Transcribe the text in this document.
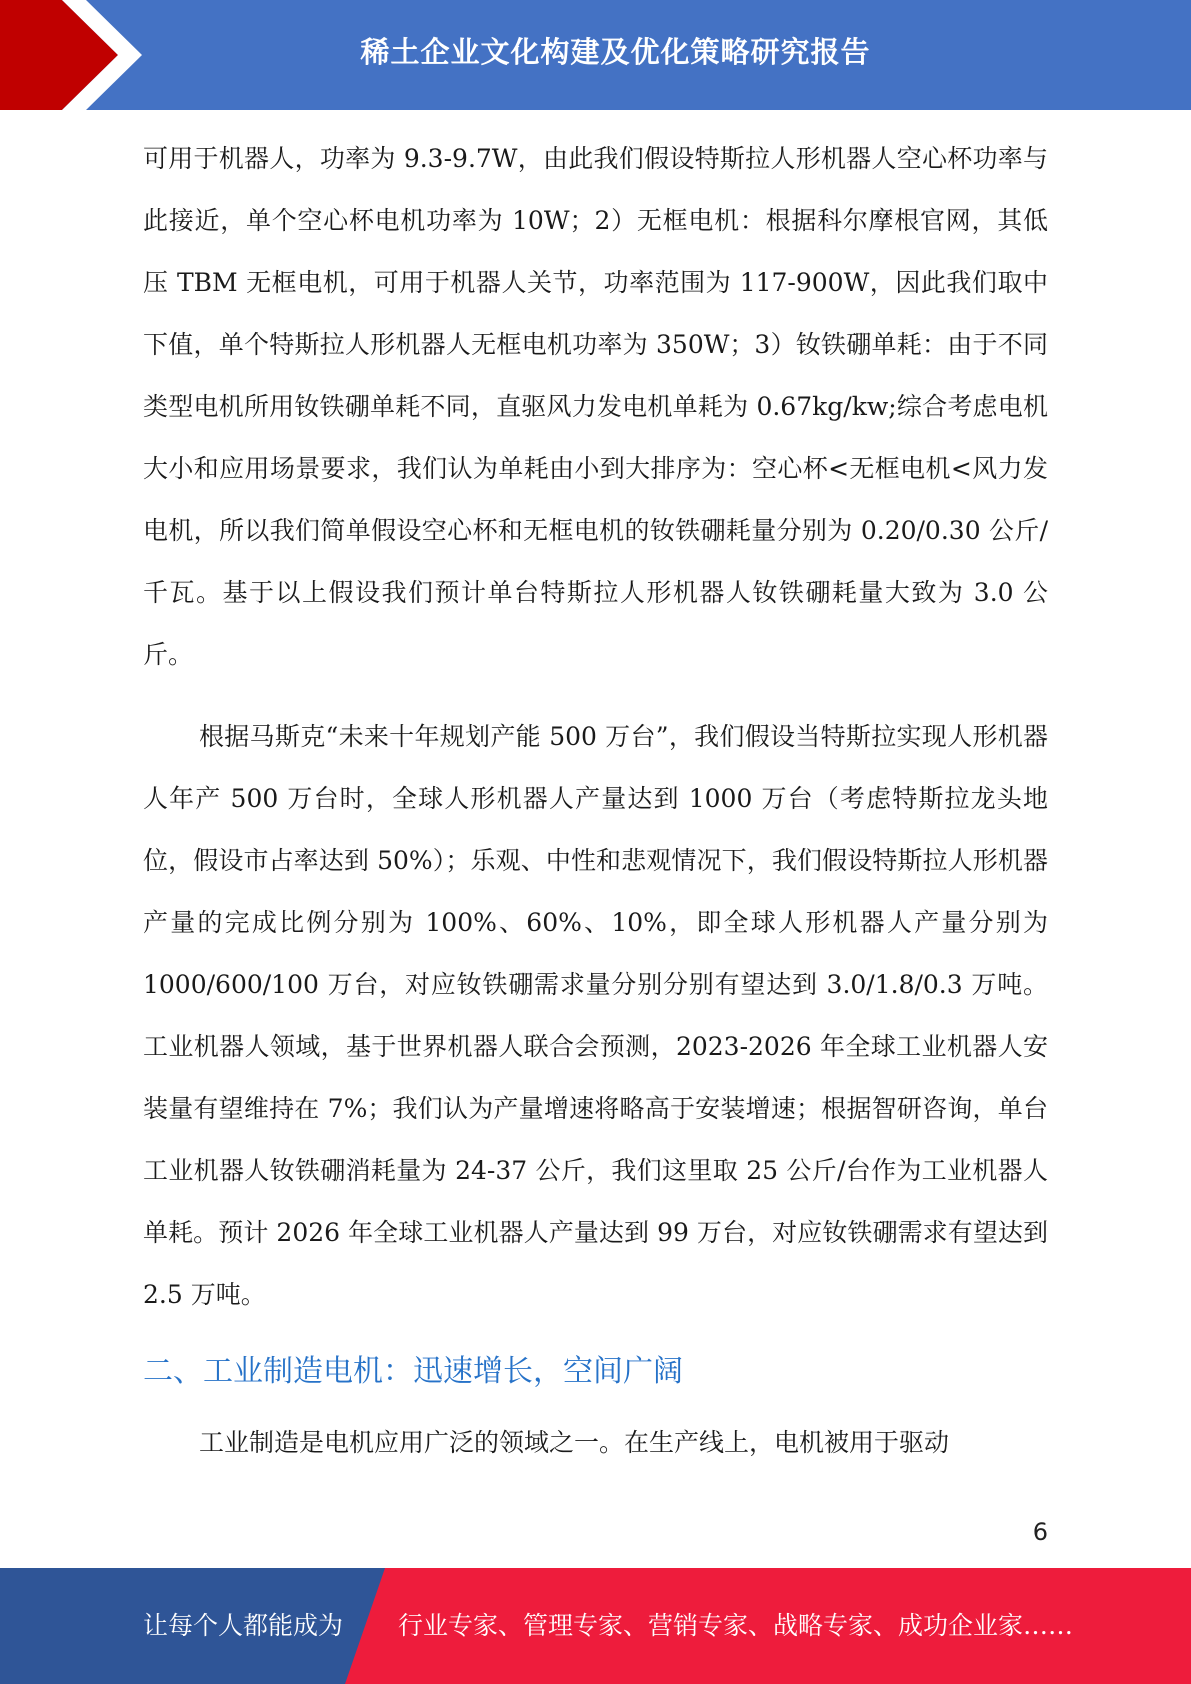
稀土企业文化构建及优化策略研究报告

可用于机器人，功率为 9.3-9.7W，由此我们假设特斯拉人形机器人空心杯功率与此接近，单个空心杯电机功率为 10W；2）无框电机：根据科尔摩根官网，其低压 TBM 无框电机，可用于机器人关节，功率范围为 117-900W，因此我们取中下值，单个特斯拉人形机器人无框电机功率为 350W；3）钕铁硼单耗：由于不同类型电机所用钕铁硼单耗不同，直驱风力发电机单耗为 0.67kg/kw;综合考虑电机大小和应用场景要求，我们认为单耗由小到大排序为：空心杯<无框电机<风力发电机，所以我们简单假设空心杯和无框电机的钕铁硼耗量分别为 0.20/0.30 公斤/千瓦。基于以上假设我们预计单台特斯拉人形机器人钕铁硼耗量大致为 3.0 公斤。

根据马斯克“未来十年规划产能 500 万台”，我们假设当特斯拉实现人形机器人年产 500 万台时，全球人形机器人产量达到 1000 万台（考虑特斯拉龙头地位，假设市占率达到 50%）；乐观、中性和悲观情况下，我们假设特斯拉人形机器产量的完成比例分别为 100%、60%、10%，即全球人形机器人产量分别为 1000/600/100 万台，对应钕铁硼需求量分别分别有望达到 3.0/1.8/0.3 万吨。工业机器人领域，基于世界机器人联合会预测，2023-2026 年全球工业机器人安装量有望维持在 7%；我们认为产量增速将略高于安装增速；根据智研咨询，单台工业机器人钕铁硼消耗量为 24-37 公斤，我们这里取 25 公斤/台作为工业机器人单耗。预计 2026 年全球工业机器人产量达到 99 万台，对应钕铁硼需求有望达到 2.5 万吨。

二、工业制造电机：迅速增长，空间广阔

工业制造是电机应用广泛的领域之一。在生产线上，电机被用于驱动

6
让每个人都能成为 行业专家、管理专家、营销专家、战略专家、成功企业家……
